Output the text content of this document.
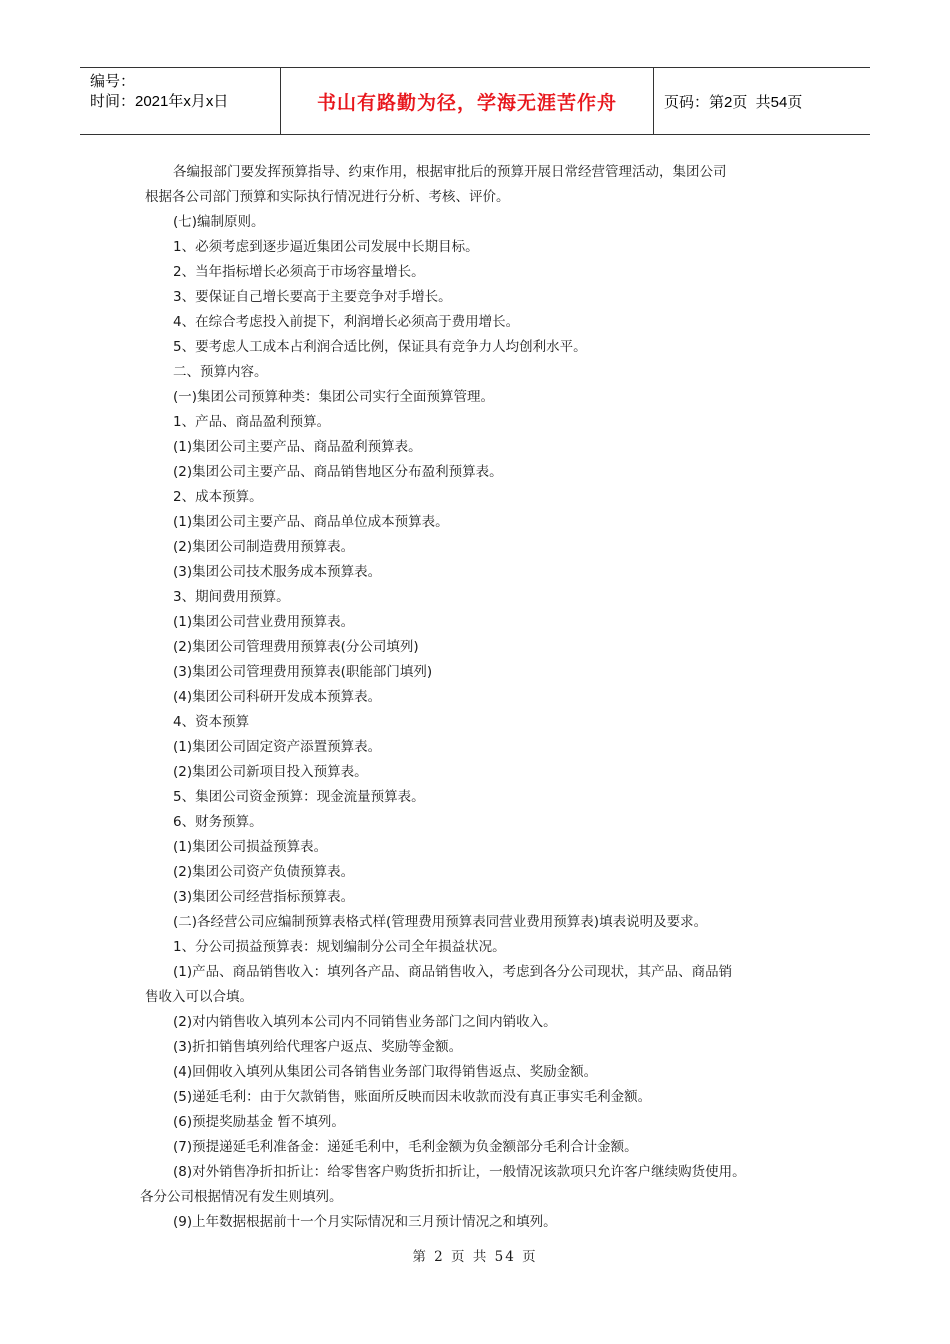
编号：
时间：2021年x月x日	书山有路勤为径，学海无涯苦作舟	页码：第2页  共54页
各编报部门要发挥预算指导、约束作用，根据审批后的预算开展日常经营管理活动，集团公司
根据各公司部门预算和实际执行情况进行分析、考核、评价。
(七)编制原则。
1、必须考虑到逐步逼近集团公司发展中长期目标。
2、当年指标增长必须高于市场容量增长。
3、要保证自己增长要高于主要竞争对手增长。
4、在综合考虑投入前提下，利润增长必须高于费用增长。
5、要考虑人工成本占利润合适比例，保证具有竞争力人均创利水平。
二、预算内容。
(一)集团公司预算种类：集团公司实行全面预算管理。
1、产品、商品盈利预算。
(1)集团公司主要产品、商品盈利预算表。
(2)集团公司主要产品、商品销售地区分布盈利预算表。
2、成本预算。
(1)集团公司主要产品、商品单位成本预算表。
(2)集团公司制造费用预算表。
(3)集团公司技术服务成本预算表。
3、期间费用预算。
(1)集团公司营业费用预算表。
(2)集团公司管理费用预算表(分公司填列)
(3)集团公司管理费用预算表(职能部门填列)
(4)集团公司科研开发成本预算表。
4、资本预算
(1)集团公司固定资产添置预算表。
(2)集团公司新项目投入预算表。
5、集团公司资金预算：现金流量预算表。
6、财务预算。
(1)集团公司损益预算表。
(2)集团公司资产负债预算表。
(3)集团公司经营指标预算表。
(二)各经营公司应编制预算表格式样(管理费用预算表同营业费用预算表)填表说明及要求。
1、分公司损益预算表：规划编制分公司全年损益状况。
(1)产品、商品销售收入：填列各产品、商品销售收入，考虑到各分公司现状，其产品、商品销
售收入可以合填。
(2)对内销售收入填列本公司内不同销售业务部门之间内销收入。
(3)折扣销售填列给代理客户返点、奖励等金额。
(4)回佣收入填列从集团公司各销售业务部门取得销售返点、奖励金额。
(5)递延毛利：由于欠款销售，账面所反映而因未收款而没有真正事实毛利金额。
(6)预提奖励基金 暂不填列。
(7)预提递延毛利准备金：递延毛利中，毛利金额为负金额部分毛利合计金额。
(8)对外销售净折扣折让：给零售客户购货折扣折让，一般情况该款项只允许客户继续购货使用。
各分公司根据情况有发生则填列。
(9)上年数据根据前十一个月实际情况和三月预计情况之和填列。
第 2 页 共 54 页
